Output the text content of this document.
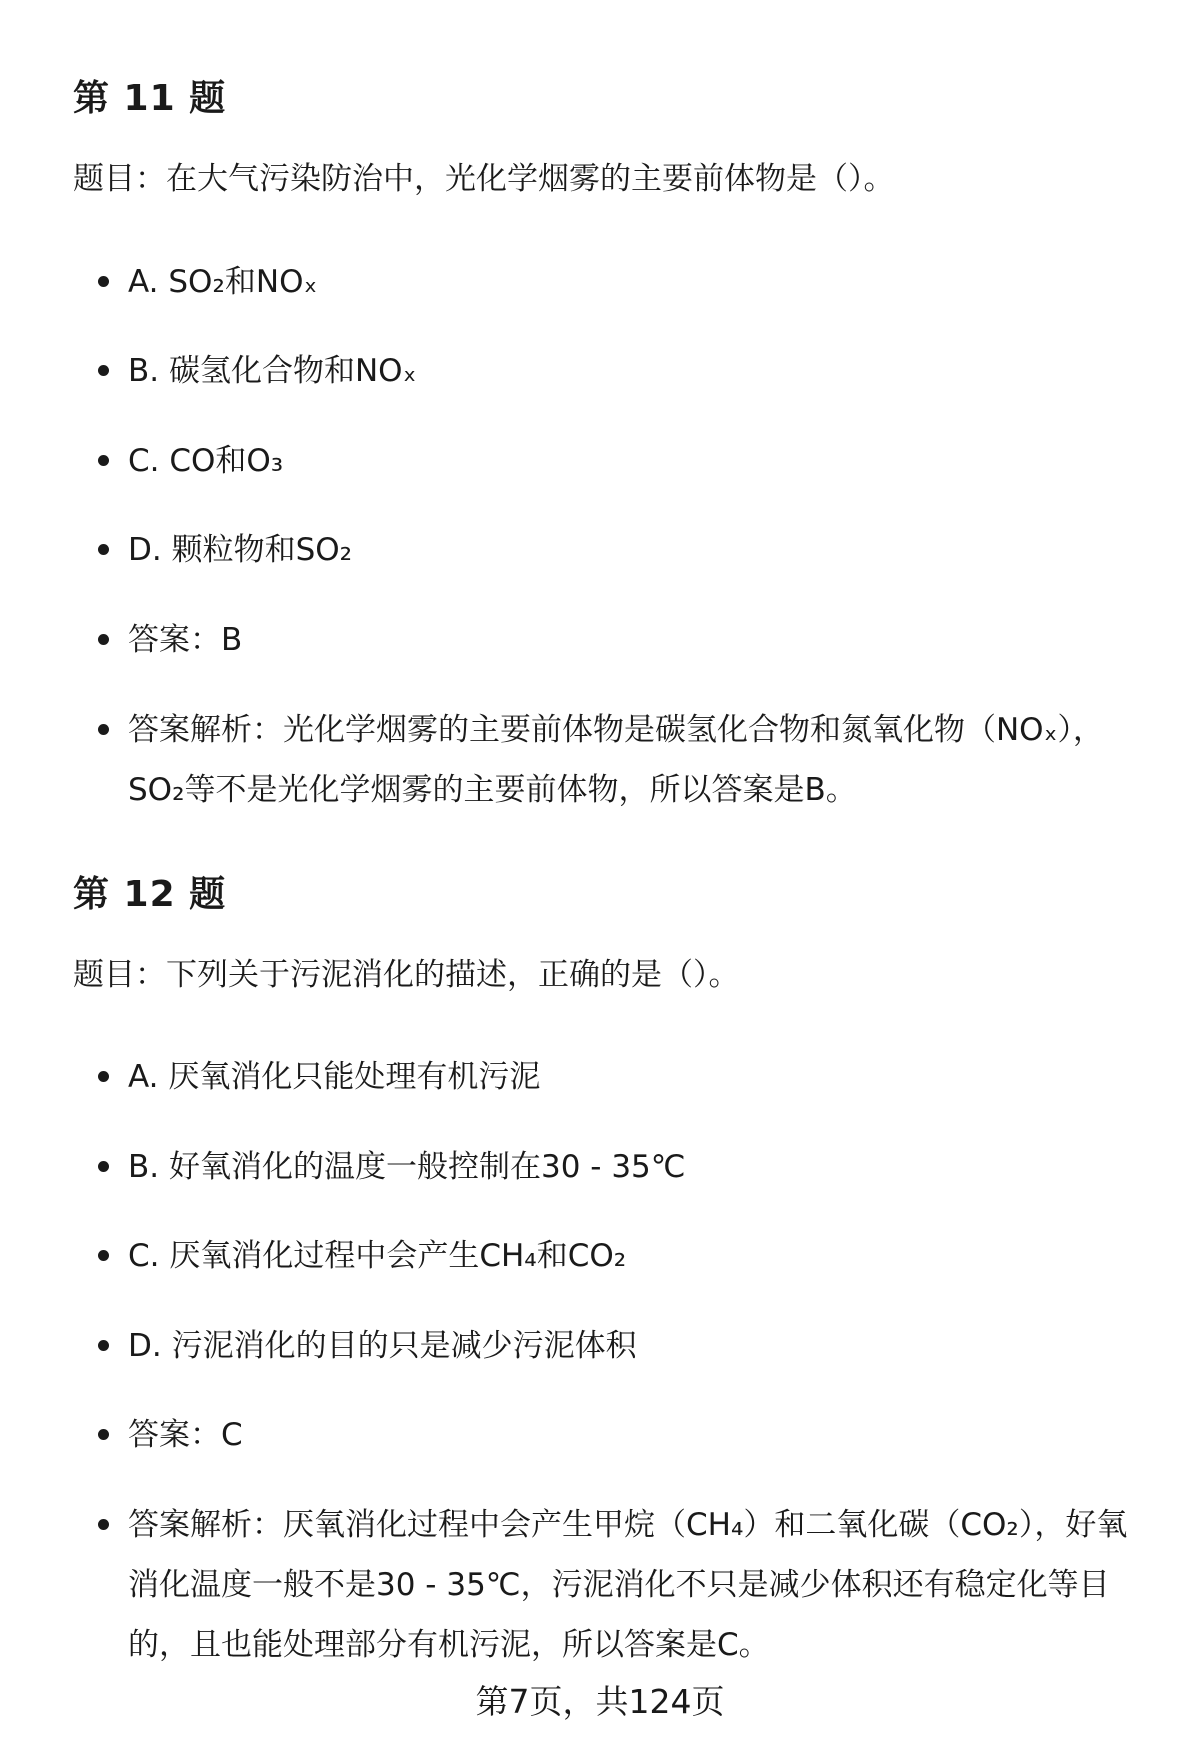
第 11 题
题目：在大气污染防治中，光化学烟雾的主要前体物是（）。
A. SO₂和NOₓ
B. 碳氢化合物和NOₓ
C. CO和O₃
D. 颗粒物和SO₂
答案：B
答案解析：光化学烟雾的主要前体物是碳氢化合物和氮氧化物（NOₓ），SO₂等不是光化学烟雾的主要前体物，所以答案是B。
第 12 题
题目：下列关于污泥消化的描述，正确的是（）。
A. 厌氧消化只能处理有机污泥
B. 好氧消化的温度一般控制在30 - 35℃
C. 厌氧消化过程中会产生CH₄和CO₂
D. 污泥消化的目的只是减少污泥体积
答案：C
答案解析：厌氧消化过程中会产生甲烷（CH₄）和二氧化碳（CO₂），好氧消化温度一般不是30 - 35℃，污泥消化不只是减少体积还有稳定化等目的，且也能处理部分有机污泥，所以答案是C。
第7页，共124页
